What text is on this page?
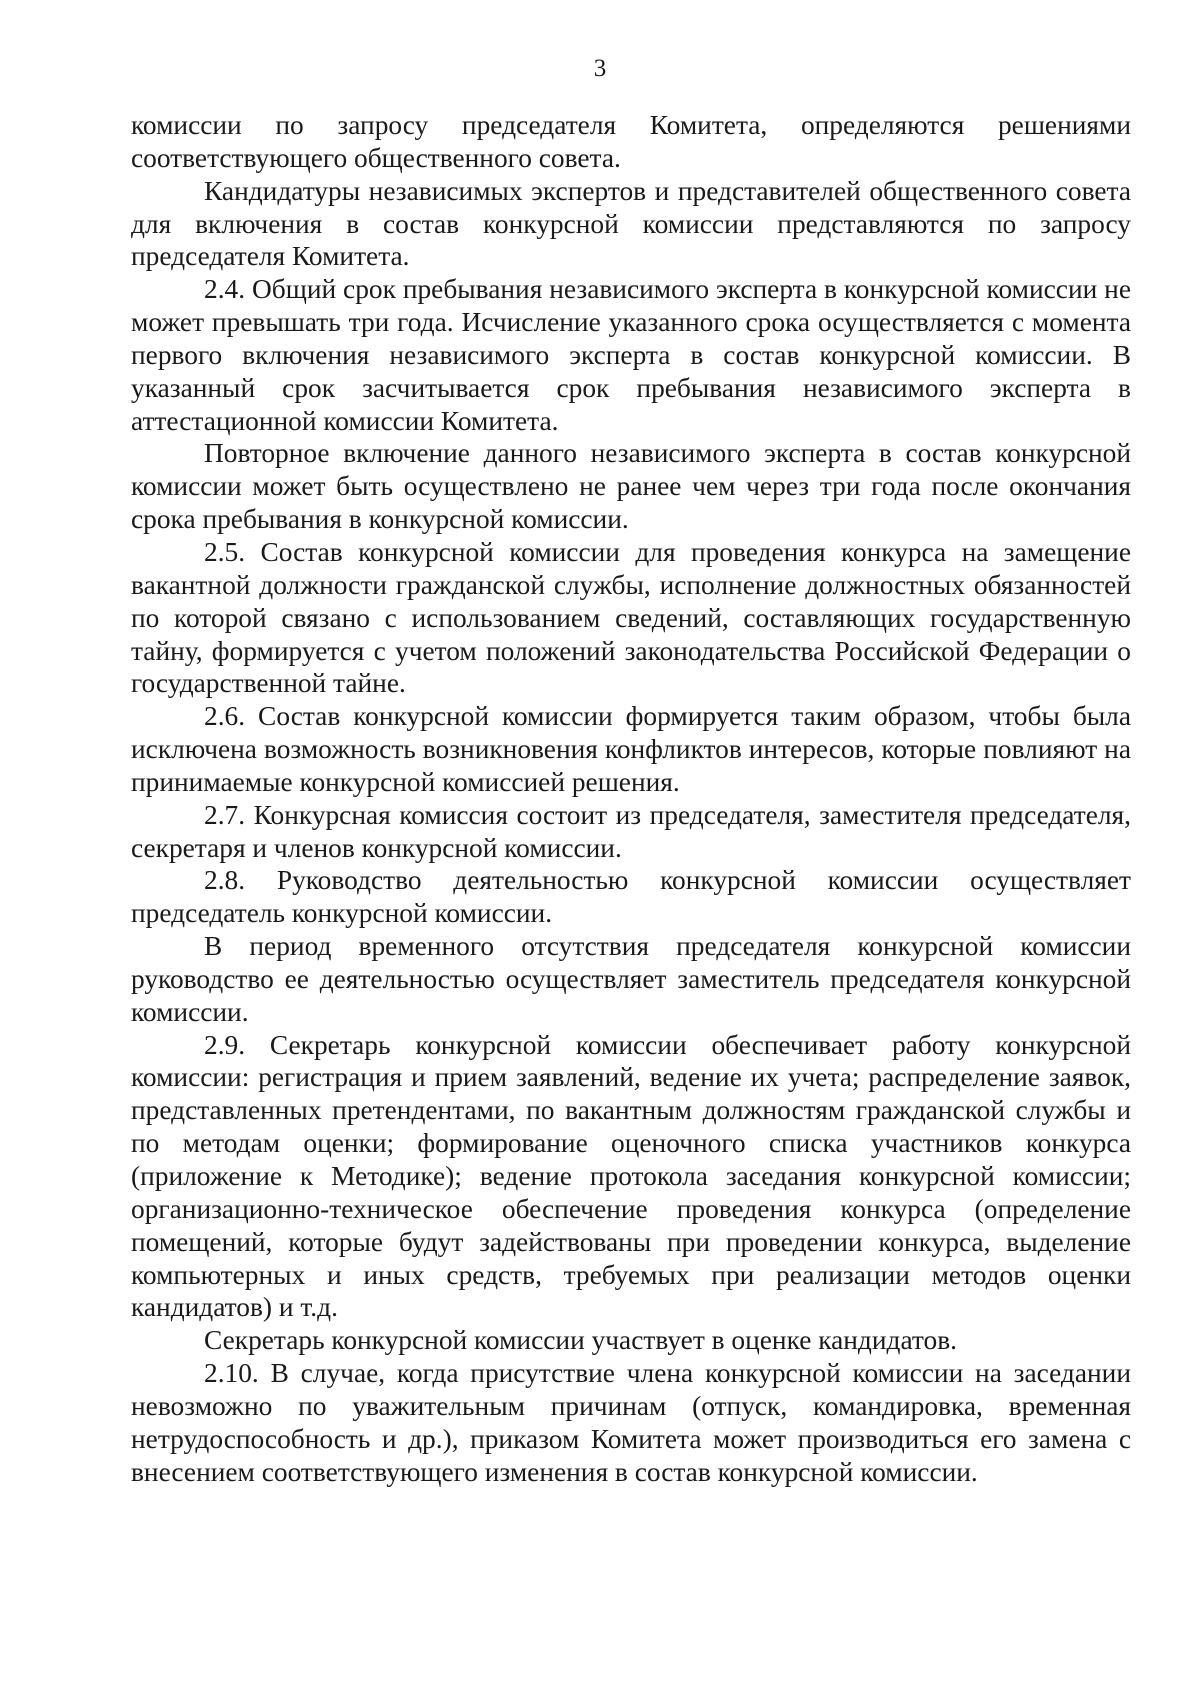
3

комиссии по запросу председателя Комитета, определяются решениями соответствующего общественного совета.

Кандидатуры независимых экспертов и представителей общественного совета для включения в состав конкурсной комиссии представляются по запросу председателя Комитета.

2.4. Общий срок пребывания независимого эксперта в конкурсной комиссии не может превышать три года. Исчисление указанного срока осуществляется с момента первого включения независимого эксперта в состав конкурсной комиссии. В указанный срок засчитывается срок пребывания независимого эксперта в аттестационной комиссии Комитета.

Повторное включение данного независимого эксперта в состав конкурсной комиссии может быть осуществлено не ранее чем через три года после окончания срока пребывания в конкурсной комиссии.

2.5. Состав конкурсной комиссии для проведения конкурса на замещение вакантной должности гражданской службы, исполнение должностных обязанностей по которой связано с использованием сведений, составляющих государственную тайну, формируется с учетом положений законодательства Российской Федерации о государственной тайне.

2.6. Состав конкурсной комиссии формируется таким образом, чтобы была исключена возможность возникновения конфликтов интересов, которые повлияют на принимаемые конкурсной комиссией решения.

2.7. Конкурсная комиссия состоит из председателя, заместителя председателя, секретаря и членов конкурсной комиссии.

2.8. Руководство деятельностью конкурсной комиссии осуществляет председатель конкурсной комиссии.

В период временного отсутствия председателя конкурсной комиссии руководство ее деятельностью осуществляет заместитель председателя конкурсной комиссии.

2.9. Секретарь конкурсной комиссии обеспечивает работу конкурсной комиссии: регистрация и прием заявлений, ведение их учета; распределение заявок, представленных претендентами, по вакантным должностям гражданской службы и по методам оценки; формирование оценочного списка участников конкурса (приложение к Методике); ведение протокола заседания конкурсной комиссии; организационно-техническое обеспечение проведения конкурса (определение помещений, которые будут задействованы при проведении конкурса, выделение компьютерных и иных средств, требуемых при реализации методов оценки кандидатов) и т.д.

Секретарь конкурсной комиссии участвует в оценке кандидатов.

2.10. В случае, когда присутствие члена конкурсной комиссии на заседании невозможно по уважительным причинам (отпуск, командировка, временная нетрудоспособность и др.), приказом Комитета может производиться его замена с внесением соответствующего изменения в состав конкурсной комиссии.
